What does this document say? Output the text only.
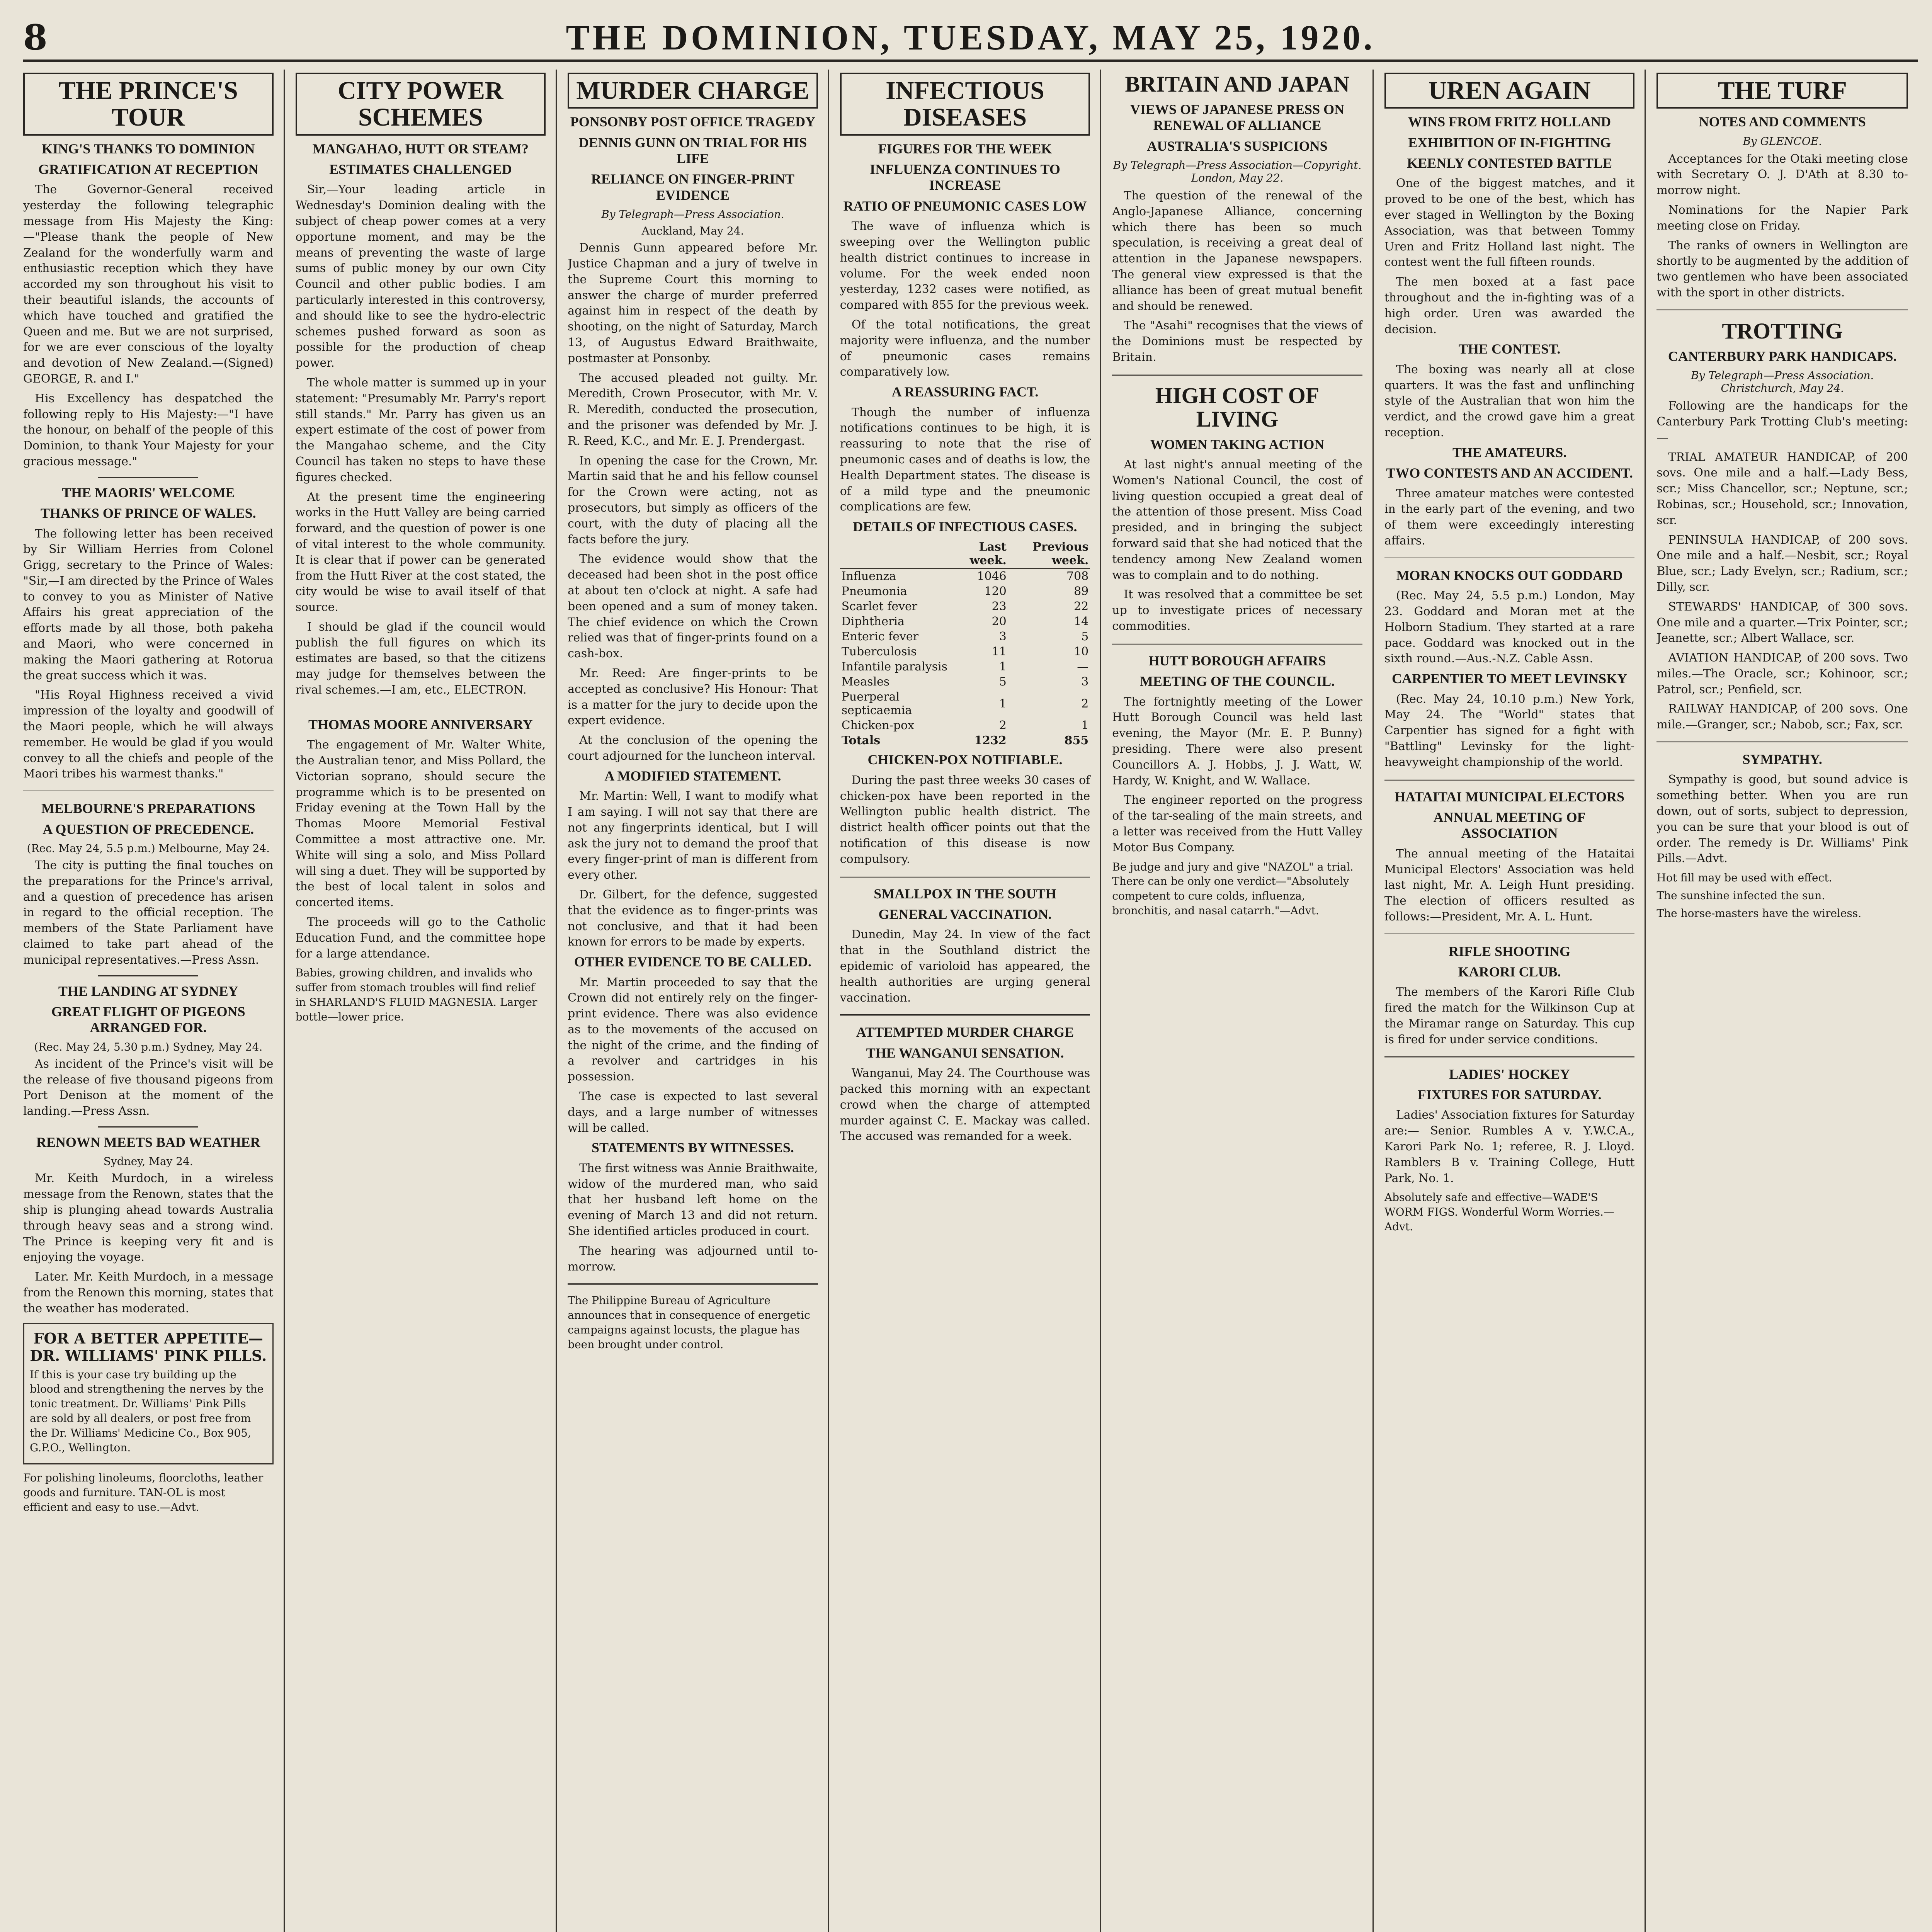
8	THE DOMINION, TUESDAY, MAY 25, 1920.
THE PRINCE'S TOUR
KING'S THANKS TO DOMINION
GRATIFICATION AT RECEPTION

The Governor-General received yesterday the following telegraphic message from His Majesty the King:—"Please thank the people of New Zealand for the wonderfully warm and enthusiastic reception which they have accorded my son throughout his visit to their beautiful islands, the accounts of which have touched and gratified the Queen and me. But we are not surprised, for we are ever conscious of the loyalty and devotion of New Zealand.—(Signed) GEORGE, R. and I."

His Excellency has despatched the following reply to His Majesty:—"I have the honour, on behalf of the people of this Dominion, to thank Your Majesty for your gracious message."

THE MAORIS' WELCOME
THANKS OF PRINCE OF WALES.

The following letter has been received by Sir William Herries from Colonel Grigg, secretary to the Prince of Wales: "Sir,—I am directed by the Prince of Wales to convey to you as Minister of Native Affairs his great appreciation of the efforts made by all those, both pakeha and Maori, who were concerned in making the Maori gathering at Rotorua the great success which it was.

"His Royal Highness received a vivid impression of the loyalty and goodwill of the Maori people, which he will always remember. He would be glad if you would convey to all the chiefs and people of the Maori tribes his warmest thanks."

MELBOURNE'S PREPARATIONS
A QUESTION OF PRECEDENCE.
(Rec. May 24, 5.5 p.m.) Melbourne, May 24.

The city is putting the final touches on the preparations for the Prince's arrival, and a question of precedence has arisen in regard to the official reception. The members of the State Parliament have claimed to take part ahead of the municipal representatives.—Press Assn.

THE LANDING AT SYDNEY
GREAT FLIGHT OF PIGEONS ARRANGED FOR.
(Rec. May 24, 5.30 p.m.) Sydney, May 24.

As incident of the Prince's visit will be the release of five thousand pigeons from Port Denison at the moment of the landing.—Press Assn.

RENOWN MEETS BAD WEATHER
Sydney, May 24.

Mr. Keith Murdoch, in a wireless message from the Renown, states that the ship is plunging ahead towards Australia through heavy seas and a strong wind. The Prince is keeping very fit and is enjoying the voyage.

Later. Mr. Keith Murdoch, in a message from the Renown this morning, states that the weather has moderated.

FOR A BETTER APPETITE—DR. WILLIAMS' PINK PILLS.

If this is your case try building up the blood and strengthening the nerves by the tonic treatment. Dr. Williams' Pink Pills are sold by all dealers, or post free from the Dr. Williams' Medicine Co., Box 905, G.P.O., Wellington.

For polishing linoleums, floorcloths, leather goods and furniture. TAN-OL is most efficient and easy to use.—Advt.

CITY POWER SCHEMES
MANGAHAO, HUTT OR STEAM?
ESTIMATES CHALLENGED

Sir,—Your leading article in Wednesday's Dominion dealing with the subject of cheap power comes at a very opportune moment, and may be the means of preventing the waste of large sums of public money by our own City Council and other public bodies. I am particularly interested in this controversy, and should like to see the hydro-electric schemes pushed forward as soon as possible for the production of cheap power.

The whole matter is summed up in your statement: "Presumably Mr. Parry's report still stands." Mr. Parry has given us an expert estimate of the cost of power from the Mangahao scheme, and the City Council has taken no steps to have these figures checked.

At the present time the engineering works in the Hutt Valley are being carried forward, and the question of power is one of vital interest to the whole community. It is clear that if power can be generated from the Hutt River at the cost stated, the city would be wise to avail itself of that source.

I should be glad if the council would publish the full figures on which its estimates are based, so that the citizens may judge for themselves between the rival schemes.—I am, etc., ELECTRON.

THOMAS MOORE ANNIVERSARY

The engagement of Mr. Walter White, the Australian tenor, and Miss Pollard, the Victorian soprano, should secure the programme which is to be presented on Friday evening at the Town Hall by the Thomas Moore Memorial Festival Committee a most attractive one. Mr. White will sing a solo, and Miss Pollard will sing a duet. They will be supported by the best of local talent in solos and concerted items.

The proceeds will go to the Catholic Education Fund, and the committee hope for a large attendance.

Babies, growing children, and invalids who suffer from stomach troubles will find relief in SHARLAND'S FLUID MAGNESIA. Larger bottle—lower price.

MURDER CHARGE
PONSONBY POST OFFICE TRAGEDY
DENNIS GUNN ON TRIAL FOR HIS LIFE
RELIANCE ON FINGER-PRINT EVIDENCE
By Telegraph—Press Association.
Auckland, May 24.

Dennis Gunn appeared before Mr. Justice Chapman and a jury of twelve in the Supreme Court this morning to answer the charge of murder preferred against him in respect of the death by shooting, on the night of Saturday, March 13, of Augustus Edward Braithwaite, postmaster at Ponsonby.

The accused pleaded not guilty. Mr. Meredith, Crown Prosecutor, with Mr. V. R. Meredith, conducted the prosecution, and the prisoner was defended by Mr. J. R. Reed, K.C., and Mr. E. J. Prendergast.

In opening the case for the Crown, Mr. Martin said that he and his fellow counsel for the Crown were acting, not as prosecutors, but simply as officers of the court, with the duty of placing all the facts before the jury.

The evidence would show that the deceased had been shot in the post office at about ten o'clock at night. A safe had been opened and a sum of money taken. The chief evidence on which the Crown relied was that of finger-prints found on a cash-box.

Mr. Reed: Are finger-prints to be accepted as conclusive? His Honour: That is a matter for the jury to decide upon the expert evidence.

At the conclusion of the opening the court adjourned for the luncheon interval.

A MODIFIED STATEMENT.

Mr. Martin: Well, I want to modify what I am saying. I will not say that there are not any fingerprints identical, but I will ask the jury not to demand the proof that every finger-print of man is different from every other.

Dr. Gilbert, for the defence, suggested that the evidence as to finger-prints was not conclusive, and that it had been known for errors to be made by experts.

OTHER EVIDENCE TO BE CALLED.

Mr. Martin proceeded to say that the Crown did not entirely rely on the finger-print evidence. There was also evidence as to the movements of the accused on the night of the crime, and the finding of a revolver and cartridges in his possession.

The case is expected to last several days, and a large number of witnesses will be called.

STATEMENTS BY WITNESSES.

The first witness was Annie Braithwaite, widow of the murdered man, who said that her husband left home on the evening of March 13 and did not return. She identified articles produced in court.

The hearing was adjourned until to-morrow.

The Philippine Bureau of Agriculture announces that in consequence of energetic campaigns against locusts, the plague has been brought under control.

INFECTIOUS DISEASES
FIGURES FOR THE WEEK
INFLUENZA CONTINUES TO INCREASE
RATIO OF PNEUMONIC CASES LOW

The wave of influenza which is sweeping over the Wellington public health district continues to increase in volume. For the week ended noon yesterday, 1232 cases were notified, as compared with 855 for the previous week.

Of the total notifications, the great majority were influenza, and the number of pneumonic cases remains comparatively low.

A REASSURING FACT.

Though the number of influenza notifications continues to be high, it is reassuring to note that the rise of pneumonic cases and of deaths is low, the Health Department states. The disease is of a mild type and the pneumonic complications are few.

DETAILS OF INFECTIOUS CASES.
	Last week.	Previous week.
Influenza	1046	708
Pneumonia	120	89
Scarlet fever	23	22
Diphtheria	20	14
Enteric fever	3	5
Tuberculosis	11	10
Infantile paralysis	1	—
Measles	5	3
Puerperal septicaemia	1	2
Chicken-pox	2	1
Totals	1232	855
CHICKEN-POX NOTIFIABLE.

During the past three weeks 30 cases of chicken-pox have been reported in the Wellington public health district. The district health officer points out that the notification of this disease is now compulsory.

SMALLPOX IN THE SOUTH
GENERAL VACCINATION.

Dunedin, May 24. In view of the fact that in the Southland district the epidemic of varioloid has appeared, the health authorities are urging general vaccination.

ATTEMPTED MURDER CHARGE
THE WANGANUI SENSATION.

Wanganui, May 24. The Courthouse was packed this morning with an expectant crowd when the charge of attempted murder against C. E. Mackay was called. The accused was remanded for a week.

BRITAIN AND JAPAN
VIEWS OF JAPANESE PRESS ON RENEWAL OF ALLIANCE
AUSTRALIA'S SUSPICIONS
By Telegraph—Press Association—Copyright. London, May 22.

The question of the renewal of the Anglo-Japanese Alliance, concerning which there has been so much speculation, is receiving a great deal of attention in the Japanese newspapers. The general view expressed is that the alliance has been of great mutual benefit and should be renewed.

The "Asahi" recognises that the views of the Dominions must be respected by Britain.

HIGH COST OF LIVING
WOMEN TAKING ACTION

At last night's annual meeting of the Women's National Council, the cost of living question occupied a great deal of the attention of those present. Miss Coad presided, and in bringing the subject forward said that she had noticed that the tendency among New Zealand women was to complain and to do nothing.

It was resolved that a committee be set up to investigate prices of necessary commodities.

HUTT BOROUGH AFFAIRS
MEETING OF THE COUNCIL.

The fortnightly meeting of the Lower Hutt Borough Council was held last evening, the Mayor (Mr. E. P. Bunny) presiding. There were also present Councillors A. J. Hobbs, J. J. Watt, W. Hardy, W. Knight, and W. Wallace.

The engineer reported on the progress of the tar-sealing of the main streets, and a letter was received from the Hutt Valley Motor Bus Company.

Be judge and jury and give "NAZOL" a trial. There can be only one verdict—"Absolutely competent to cure colds, influenza, bronchitis, and nasal catarrh."—Advt.

UREN AGAIN
WINS FROM FRITZ HOLLAND
EXHIBITION OF IN-FIGHTING
KEENLY CONTESTED BATTLE

One of the biggest matches, and it proved to be one of the best, which has ever staged in Wellington by the Boxing Association, was that between Tommy Uren and Fritz Holland last night. The contest went the full fifteen rounds.

The men boxed at a fast pace throughout and the in-fighting was of a high order. Uren was awarded the decision.

THE CONTEST.

The boxing was nearly all at close quarters. It was the fast and unflinching style of the Australian that won him the verdict, and the crowd gave him a great reception.

THE AMATEURS.
TWO CONTESTS AND AN ACCIDENT.

Three amateur matches were contested in the early part of the evening, and two of them were exceedingly interesting affairs.

MORAN KNOCKS OUT GODDARD

(Rec. May 24, 5.5 p.m.) London, May 23. Goddard and Moran met at the Holborn Stadium. They started at a rare pace. Goddard was knocked out in the sixth round.—Aus.-N.Z. Cable Assn.

CARPENTIER TO MEET LEVINSKY

(Rec. May 24, 10.10 p.m.) New York, May 24. The "World" states that Carpentier has signed for a fight with "Battling" Levinsky for the light-heavyweight championship of the world.

HATAITAI MUNICIPAL ELECTORS
ANNUAL MEETING OF ASSOCIATION

The annual meeting of the Hataitai Municipal Electors' Association was held last night, Mr. A. Leigh Hunt presiding. The election of officers resulted as follows:—President, Mr. A. L. Hunt.

RIFLE SHOOTING
KARORI CLUB.

The members of the Karori Rifle Club fired the match for the Wilkinson Cup at the Miramar range on Saturday. This cup is fired for under service conditions.

LADIES' HOCKEY
FIXTURES FOR SATURDAY.

Ladies' Association fixtures for Saturday are:— Senior. Rumbles A v. Y.W.C.A., Karori Park No. 1; referee, R. J. Lloyd. Ramblers B v. Training College, Hutt Park, No. 1.

Absolutely safe and effective—WADE'S WORM FIGS. Wonderful Worm Worries.—Advt.

THE TURF
NOTES AND COMMENTS
By GLENCOE.

Acceptances for the Otaki meeting close with Secretary O. J. D'Ath at 8.30 to-morrow night.

Nominations for the Napier Park meeting close on Friday.

The ranks of owners in Wellington are shortly to be augmented by the addition of two gentlemen who have been associated with the sport in other districts.

TROTTING
CANTERBURY PARK HANDICAPS.
By Telegraph—Press Association. Christchurch, May 24.

Following are the handicaps for the Canterbury Park Trotting Club's meeting:—

TRIAL AMATEUR HANDICAP, of 200 sovs. One mile and a half.—Lady Bess, scr.; Miss Chancellor, scr.; Neptune, scr.; Robinas, scr.; Household, scr.; Innovation, scr.

PENINSULA HANDICAP, of 200 sovs. One mile and a half.—Nesbit, scr.; Royal Blue, scr.; Lady Evelyn, scr.; Radium, scr.; Dilly, scr.

STEWARDS' HANDICAP, of 300 sovs. One mile and a quarter.—Trix Pointer, scr.; Jeanette, scr.; Albert Wallace, scr.

AVIATION HANDICAP, of 200 sovs. Two miles.—The Oracle, scr.; Kohinoor, scr.; Patrol, scr.; Penfield, scr.

RAILWAY HANDICAP, of 200 sovs. One mile.—Granger, scr.; Nabob, scr.; Fax, scr.

SYMPATHY.

Sympathy is good, but sound advice is something better. When you are run down, out of sorts, subject to depression, you can be sure that your blood is out of order. The remedy is Dr. Williams' Pink Pills.—Advt.

Hot fill may be used with effect.

The sunshine infected the sun.

The horse-masters have the wireless.
